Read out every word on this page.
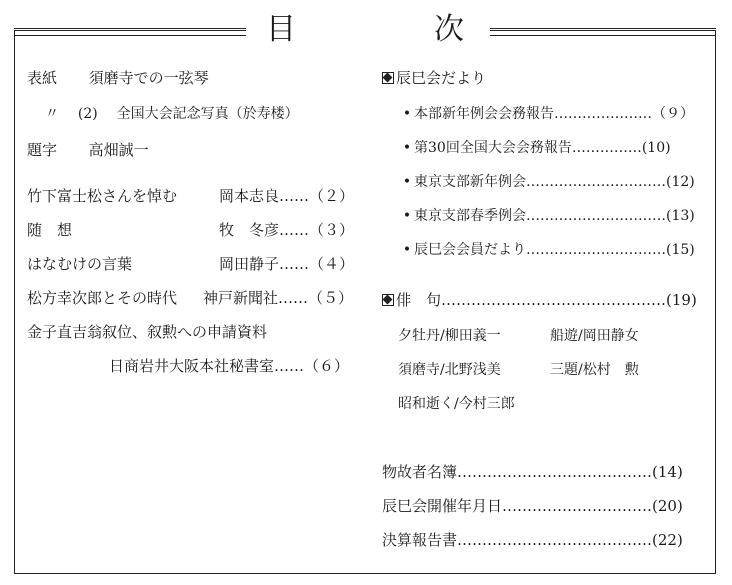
目	次
表紙 須磨寺での一弦琴
〃 (2) 全国大会記念写真（於寿楼）
題字 高畑誠一
竹下富士松さんを悼む	岡本志良……（２）
随　想	牧　冬彦……（３）
はなむけの言葉	岡田静子……（４）
松方幸次郎とその時代 神戸新聞社……（５）
金子直吉翁叙位、叙勲への申請資料
日商岩井大阪本社秘書室……（６）
辰巳会だより
• 本部新年例会会務報告…………………（９）
• 第30回全国大会会務報告……………(10)
• 東京支部新年例会…………………………(12)
• 東京支部春季例会…………………………(13)
• 辰巳会会員だより…………………………(15)
俳　句………………………………………(19)
夕牡丹/柳田義一	船遊/岡田静女
須磨寺/北野浅美	三題/松村　勲
昭和逝く/今村三郎
物故者名簿…………………………………(14)
辰巳会開催年月日…………………………(20)
決算報告書…………………………………(22)
